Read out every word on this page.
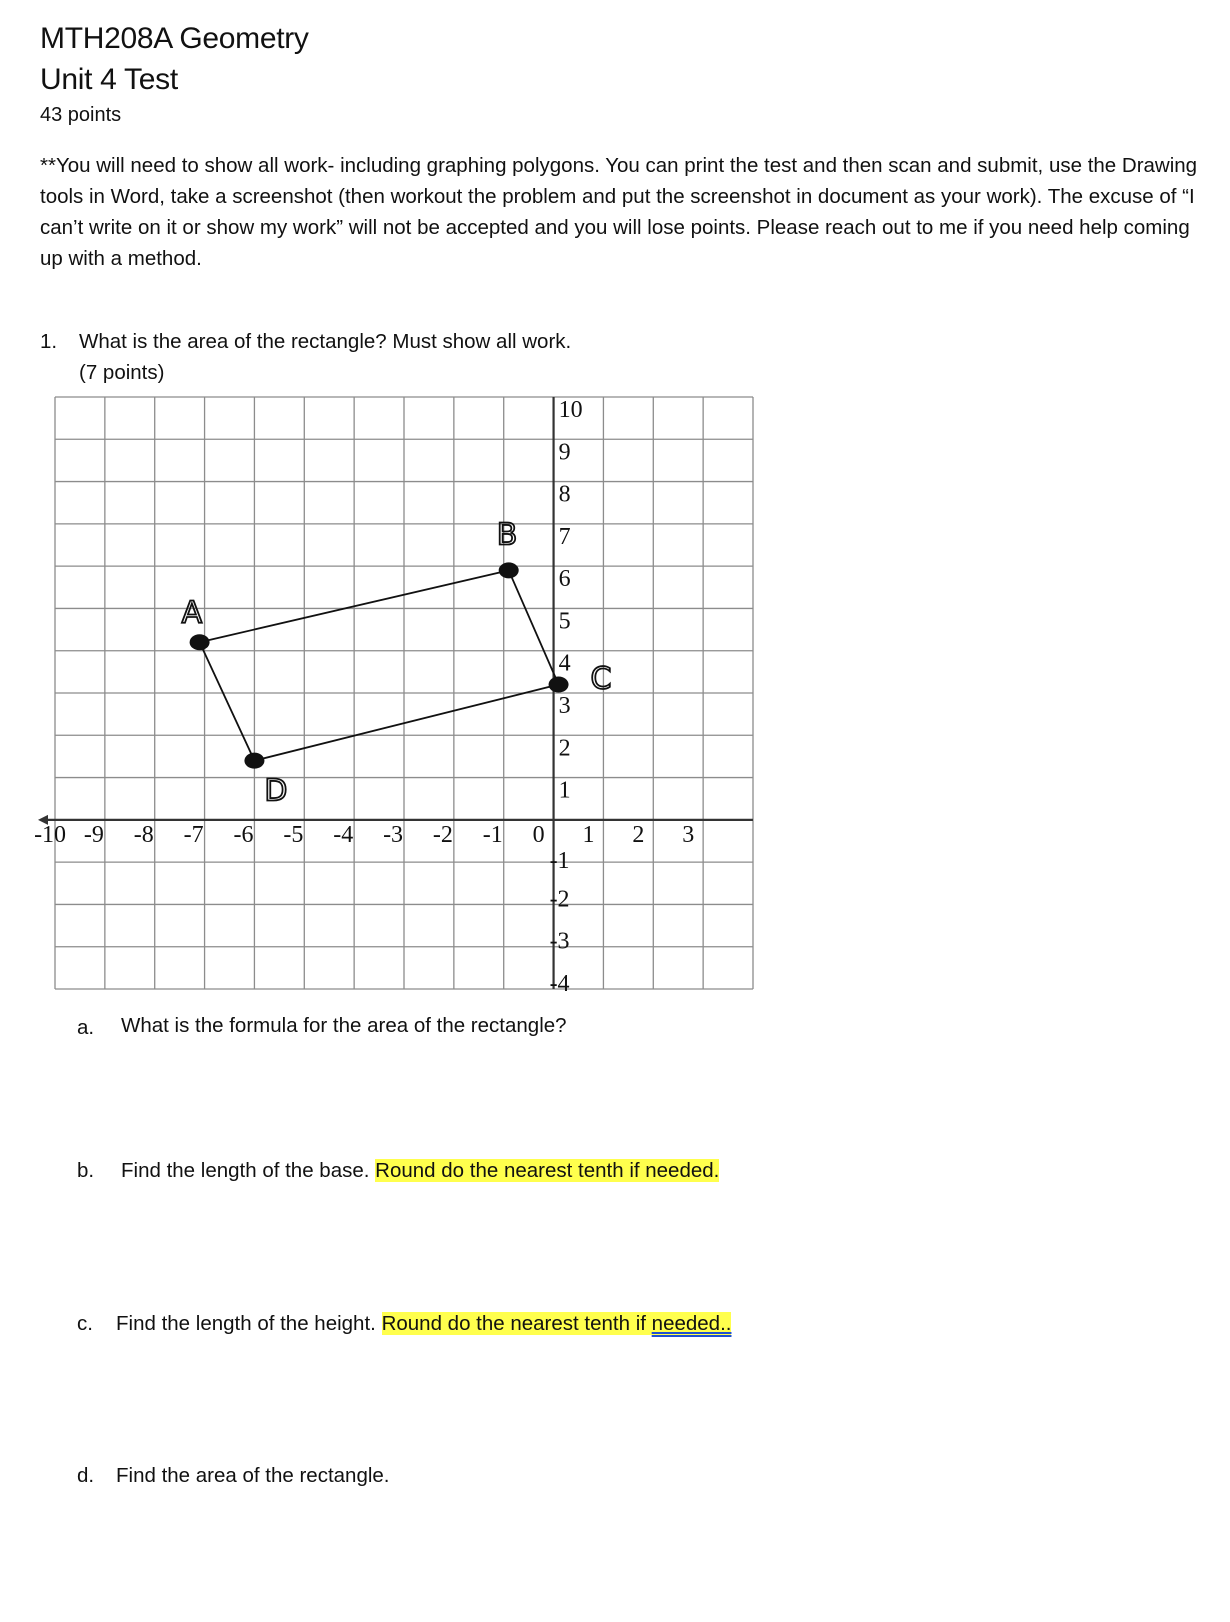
MTH208A Geometry
Unit 4 Test
43 points
**You will need to show all work- including graphing polygons. You can print the test and then scan and submit, use the Drawing tools in Word, take a screenshot (then workout the problem and put the screenshot in document as your work). The excuse of “I can’t write on it or show my work” will not be accepted and you will lose points. Please reach out to me if you need help coming up with a method.
1. What is the area of the rectangle? Must show all work.
(7 points)
-10 -9 -8 -7 -6 -5 -4 -3 -2 -1 0 1 2 3
10
9
8
7
6
5
4
3
2
1
-1
-2
-3
-4
A
B
C
D
a. What is the formula for the area of the rectangle?
b. Find the length of the base. Round do the nearest tenth if needed.
c. Find the length of the height. Round do the nearest tenth if needed..
d. Find the area of the rectangle.
